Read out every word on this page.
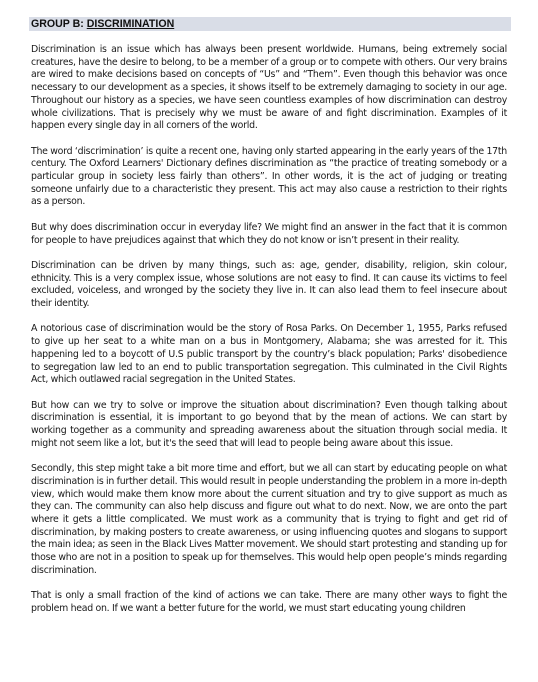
GROUP B: DISCRIMINATION

Discrimination is an issue which has always been present worldwide. Humans, being extremely social creatures, have the desire to belong, to be a member of a group or to compete with others. Our very brains are wired to make decisions based on concepts of “Us” and “Them”. Even though this behavior was once necessary to our development as a species, it shows itself to be extremely damaging to society in our age. Throughout our history as a species, we have seen countless examples of how discrimination can destroy whole civilizations. That is precisely why we must be aware of and fight discrimination. Examples of it happen every single day in all corners of the world.

The word ‘discrimination’ is quite a recent one, having only started appearing in the early years of the 17th century. The Oxford Learners' Dictionary defines discrimination as “the practice of treating somebody or a particular group in society less fairly than others”. In other words, it is the act of judging or treating someone unfairly due to a characteristic they present. This act may also cause a restriction to their rights as a person.

But why does discrimination occur in everyday life? We might find an answer in the fact that it is common for people to have prejudices against that which they do not know or isn’t present in their reality.

Discrimination can be driven by many things, such as: age, gender, disability, religion, skin colour, ethnicity. This is a very complex issue, whose solutions are not easy to find. It can cause its victims to feel excluded, voiceless, and wronged by the society they live in. It can also lead them to feel insecure about their identity.

A notorious case of discrimination would be the story of Rosa Parks. On December 1, 1955, Parks refused to give up her seat to a white man on a bus in Montgomery, Alabama; she was arrested for it. This happening led to a boycott of U.S public transport by the country’s black population; Parks' disobedience to segregation law led to an end to public transportation segregation. This culminated in the Civil Rights Act, which outlawed racial segregation in the United States.

But how can we try to solve or improve the situation about discrimination? Even though talking about discrimination is essential, it is important to go beyond that by the mean of actions. We can start by working together as a community and spreading awareness about the situation through social media. It might not seem like a lot, but it's the seed that will lead to people being aware about this issue.

Secondly, this step might take a bit more time and effort, but we all can start by educating people on what discrimination is in further detail. This would result in people understanding the problem in a more in-depth view, which would make them know more about the current situation and try to give support as much as they can. The community can also help discuss and figure out what to do next. Now, we are onto the part where it gets a little complicated. We must work as a community that is trying to fight and get rid of discrimination, by making posters to create awareness, or using influencing quotes and slogans to support the main idea; as seen in the Black Lives Matter movement. We should start protesting and standing up for those who are not in a position to speak up for themselves. This would help open people’s minds regarding discrimination.

That is only a small fraction of the kind of actions we can take. There are many other ways to fight the problem head on. If we want a better future for the world, we must start educating young children
